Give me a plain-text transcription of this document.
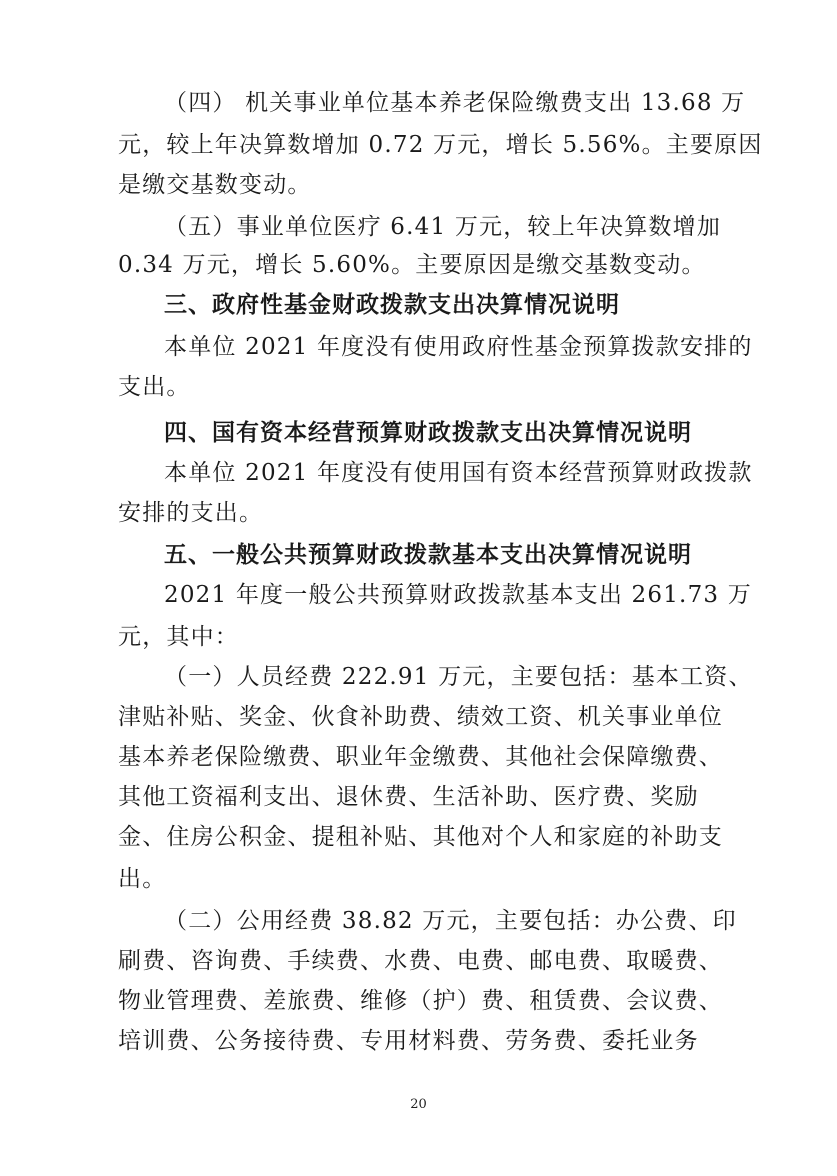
（四） 机关事业单位基本养老保险缴费支出 13.68 万
元，较上年决算数增加 0.72 万元，增长 5.56%。主要原因
是缴交基数变动。
（五）事业单位医疗 6.41 万元，较上年决算数增加
0.34 万元，增长 5.60%。主要原因是缴交基数变动。
三、政府性基金财政拨款支出决算情况说明
本单位 2021 年度没有使用政府性基金预算拨款安排的
支出。
四、国有资本经营预算财政拨款支出决算情况说明
本单位 2021 年度没有使用国有资本经营预算财政拨款
安排的支出。
五、一般公共预算财政拨款基本支出决算情况说明
2021 年度一般公共预算财政拨款基本支出 261.73 万
元，其中：
（一）人员经费 222.91 万元，主要包括：基本工资、
津贴补贴、奖金、伙食补助费、绩效工资、机关事业单位
基本养老保险缴费、职业年金缴费、其他社会保障缴费、
其他工资福利支出、退休费、生活补助、医疗费、奖励
金、住房公积金、提租补贴、其他对个人和家庭的补助支
出。
（二）公用经费 38.82 万元，主要包括：办公费、印
刷费、咨询费、手续费、水费、电费、邮电费、取暖费、
物业管理费、差旅费、维修（护）费、租赁费、会议费、
培训费、公务接待费、专用材料费、劳务费、委托业务
20
